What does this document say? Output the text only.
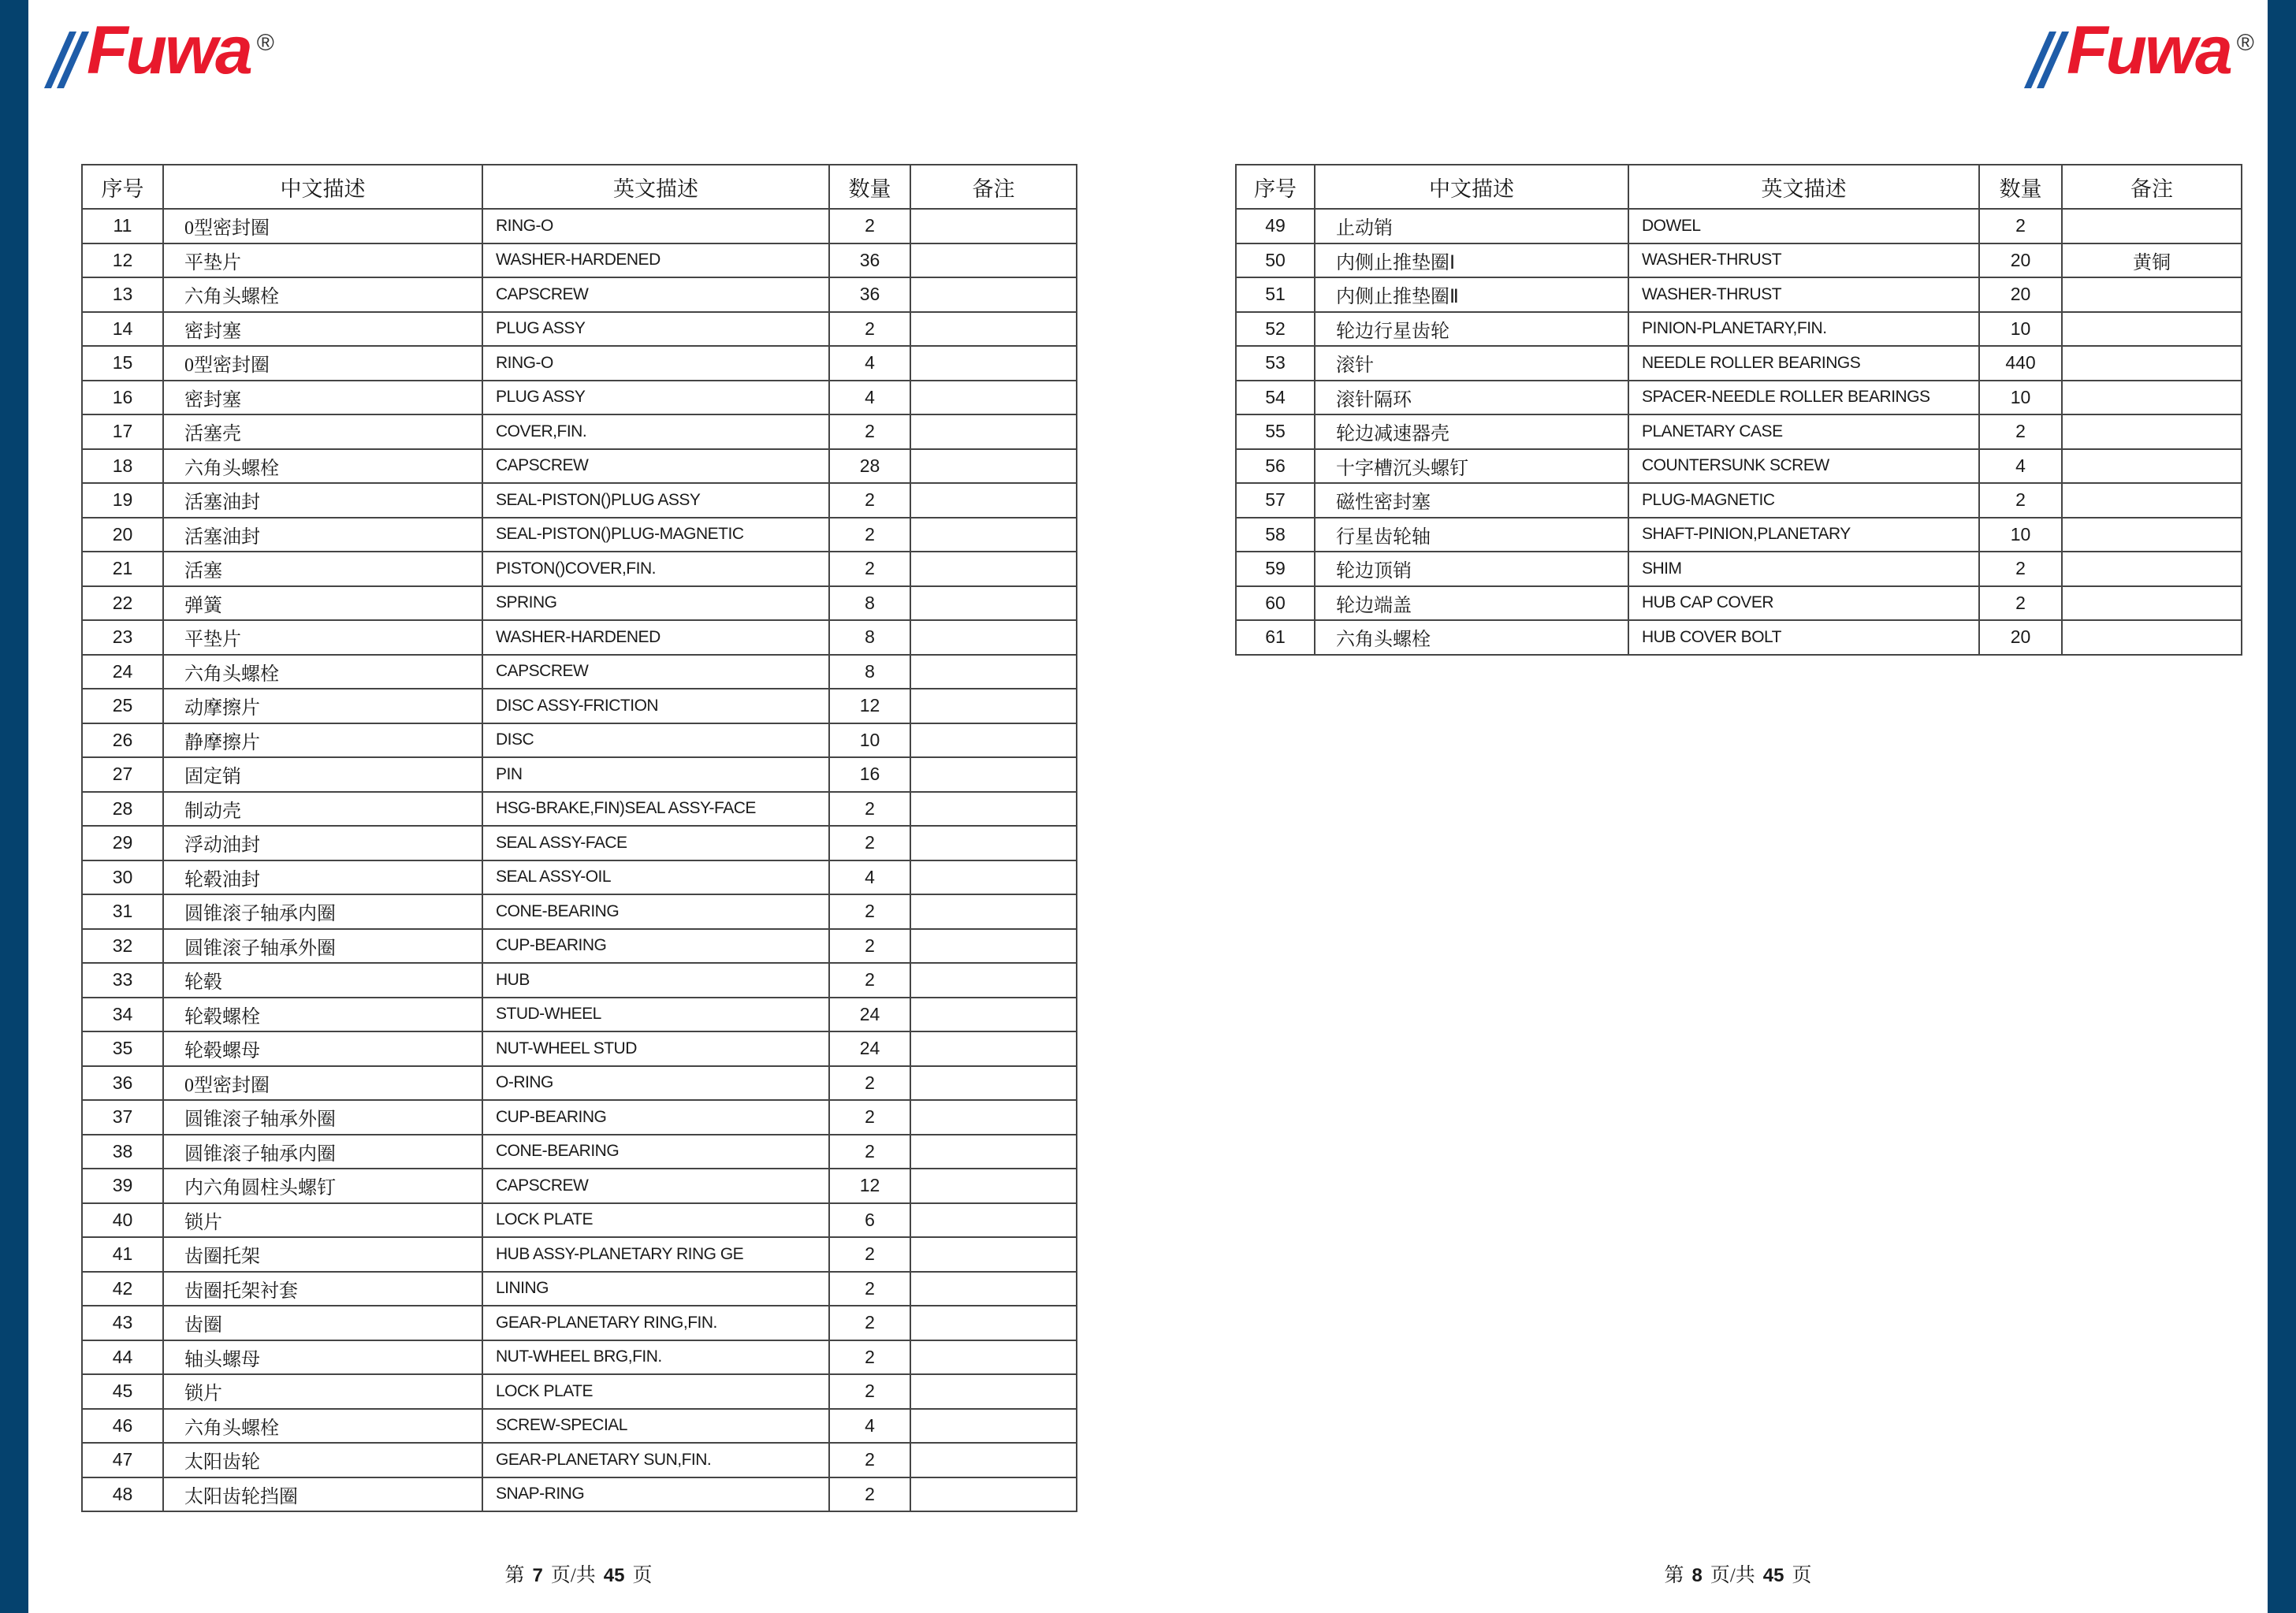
Fuwa ®	Fuwa ®
序号	中文描述	英文描述	数量	备注
11	0型密封圈	RING-O	2	
12	平垫片	WASHER-HARDENED	36	
13	六角头螺栓	CAPSCREW	36	
14	密封塞	PLUG ASSY	2	
15	0型密封圈	RING-O	4	
16	密封塞	PLUG ASSY	4	
17	活塞壳	COVER,FIN.	2	
18	六角头螺栓	CAPSCREW	28	
19	活塞油封	SEAL-PISTON()PLUG ASSY	2	
20	活塞油封	SEAL-PISTON()PLUG-MAGNETIC	2	
21	活塞	PISTON()COVER,FIN.	2	
22	弹簧	SPRING	8	
23	平垫片	WASHER-HARDENED	8	
24	六角头螺栓	CAPSCREW	8	
25	动摩擦片	DISC ASSY-FRICTION	12	
26	静摩擦片	DISC	10	
27	固定销	PIN	16	
28	制动壳	HSG-BRAKE,FIN)SEAL ASSY-FACE	2	
29	浮动油封	SEAL ASSY-FACE	2	
30	轮毂油封	SEAL ASSY-OIL	4	
31	圆锥滚子轴承内圈	CONE-BEARING	2	
32	圆锥滚子轴承外圈	CUP-BEARING	2	
33	轮毂	HUB	2	
34	轮毂螺栓	STUD-WHEEL	24	
35	轮毂螺母	NUT-WHEEL STUD	24	
36	0型密封圈	O-RING	2	
37	圆锥滚子轴承外圈	CUP-BEARING	2	
38	圆锥滚子轴承内圈	CONE-BEARING	2	
39	内六角圆柱头螺钉	CAPSCREW	12	
40	锁片	LOCK PLATE	6	
41	齿圈托架	HUB ASSY-PLANETARY RING GE	2	
42	齿圈托架衬套	LINING	2	
43	齿圈	GEAR-PLANETARY RING,FIN.	2	
44	轴头螺母	NUT-WHEEL BRG,FIN.	2	
45	锁片	LOCK PLATE	2	
46	六角头螺栓	SCREW-SPECIAL	4	
47	太阳齿轮	GEAR-PLANETARY SUN,FIN.	2	
48	太阳齿轮挡圈	SNAP-RING	2	
序号	中文描述	英文描述	数量	备注
49	止动销	DOWEL	2	
50	内侧止推垫圈Ⅰ	WASHER-THRUST	20	黄铜
51	内侧止推垫圈Ⅱ	WASHER-THRUST	20	
52	轮边行星齿轮	PINION-PLANETARY,FIN.	10	
53	滚针	NEEDLE ROLLER BEARINGS	440	
54	滚针隔环	SPACER-NEEDLE ROLLER BEARINGS	10	
55	轮边减速器壳	PLANETARY CASE	2	
56	十字槽沉头螺钉	COUNTERSUNK SCREW	4	
57	磁性密封塞	PLUG-MAGNETIC	2	
58	行星齿轮轴	SHAFT-PINION,PLANETARY	10	
59	轮边顶销	SHIM	2	
60	轮边端盖	HUB CAP COVER	2	
61	六角头螺栓	HUB COVER BOLT	20	
第 7 页/共 45 页	第 8 页/共 45 页
